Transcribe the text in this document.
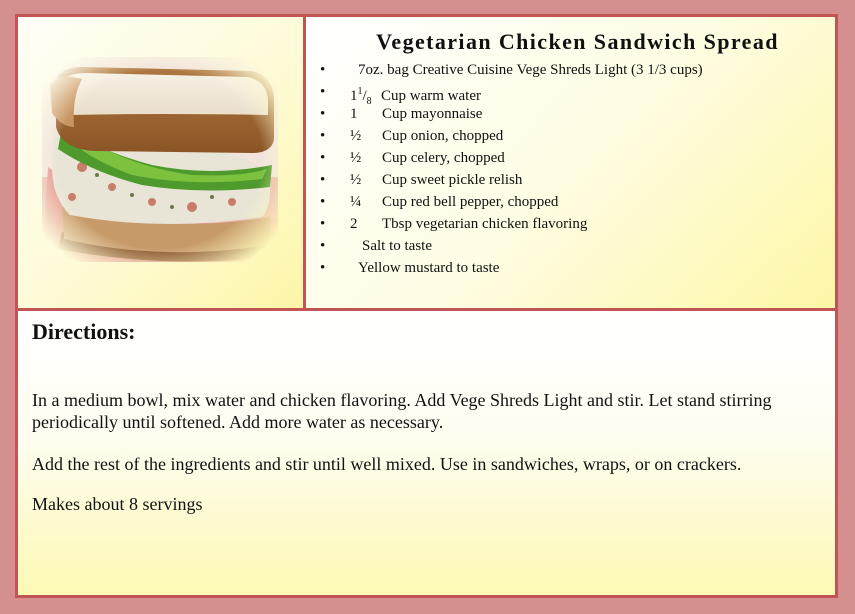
Vegetarian Chicken Sandwich Spread
• 7oz. bag Creative Cuisine Vege Shreds Light (3 1/3 cups)
• $1^1/_8$ Cup warm water
• 1 Cup mayonnaise
• ½ Cup onion, chopped
• ½ Cup celery, chopped
• ½ Cup sweet pickle relish
• ¼ Cup red bell pepper, chopped
• 2 Tbsp vegetarian chicken flavoring
• Salt to taste
• Yellow mustard to taste
Directions:

In a medium bowl, mix water and chicken flavoring. Add Vege Shreds Light and stir. Let stand stirring periodically until softened. Add more water as necessary.

Add the rest of the ingredients and stir until well mixed. Use in sandwiches, wraps, or on crackers.

Makes about 8 servings
